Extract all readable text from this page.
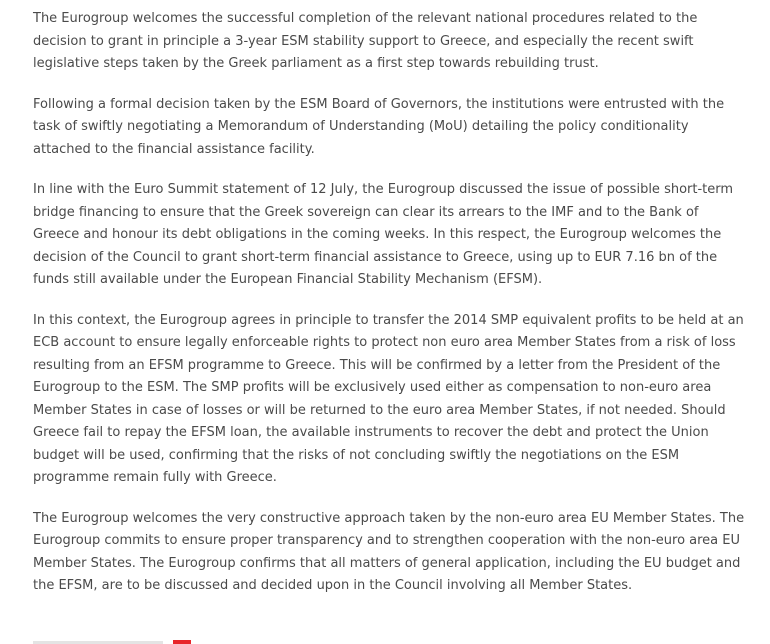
The Eurogroup welcomes the successful completion of the relevant national procedures related to the decision to grant in principle a 3-year ESM stability support to Greece, and especially the recent swift legislative steps taken by the Greek parliament as a first step towards rebuilding trust.

Following a formal decision taken by the ESM Board of Governors, the institutions were entrusted with the task of swiftly negotiating a Memorandum of Understanding (MoU) detailing the policy conditionality attached to the financial assistance facility.

In line with the Euro Summit statement of 12 July, the Eurogroup discussed the issue of possible short-term bridge financing to ensure that the Greek sovereign can clear its arrears to the IMF and to the Bank of Greece and honour its debt obligations in the coming weeks. In this respect, the Eurogroup welcomes the decision of the Council to grant short-term financial assistance to Greece, using up to EUR 7.16 bn of the funds still available under the European Financial Stability Mechanism (EFSM).

In this context, the Eurogroup agrees in principle to transfer the 2014 SMP equivalent profits to be held at an ECB account to ensure legally enforceable rights to protect non euro area Member States from a risk of loss resulting from an EFSM programme to Greece. This will be confirmed by a letter from the President of the Eurogroup to the ESM. The SMP profits will be exclusively used either as compensation to non-euro area Member States in case of losses or will be returned to the euro area Member States, if not needed. Should Greece fail to repay the EFSM loan, the available instruments to recover the debt and protect the Union budget will be used, confirming that the risks of not concluding swiftly the negotiations on the ESM programme remain fully with Greece.

The Eurogroup welcomes the very constructive approach taken by the non-euro area EU Member States. The Eurogroup commits to ensure proper transparency and to strengthen cooperation with the non-euro area EU Member States. The Eurogroup confirms that all matters of general application, including the EU budget and the EFSM, are to be discussed and decided upon in the Council involving all Member States.
